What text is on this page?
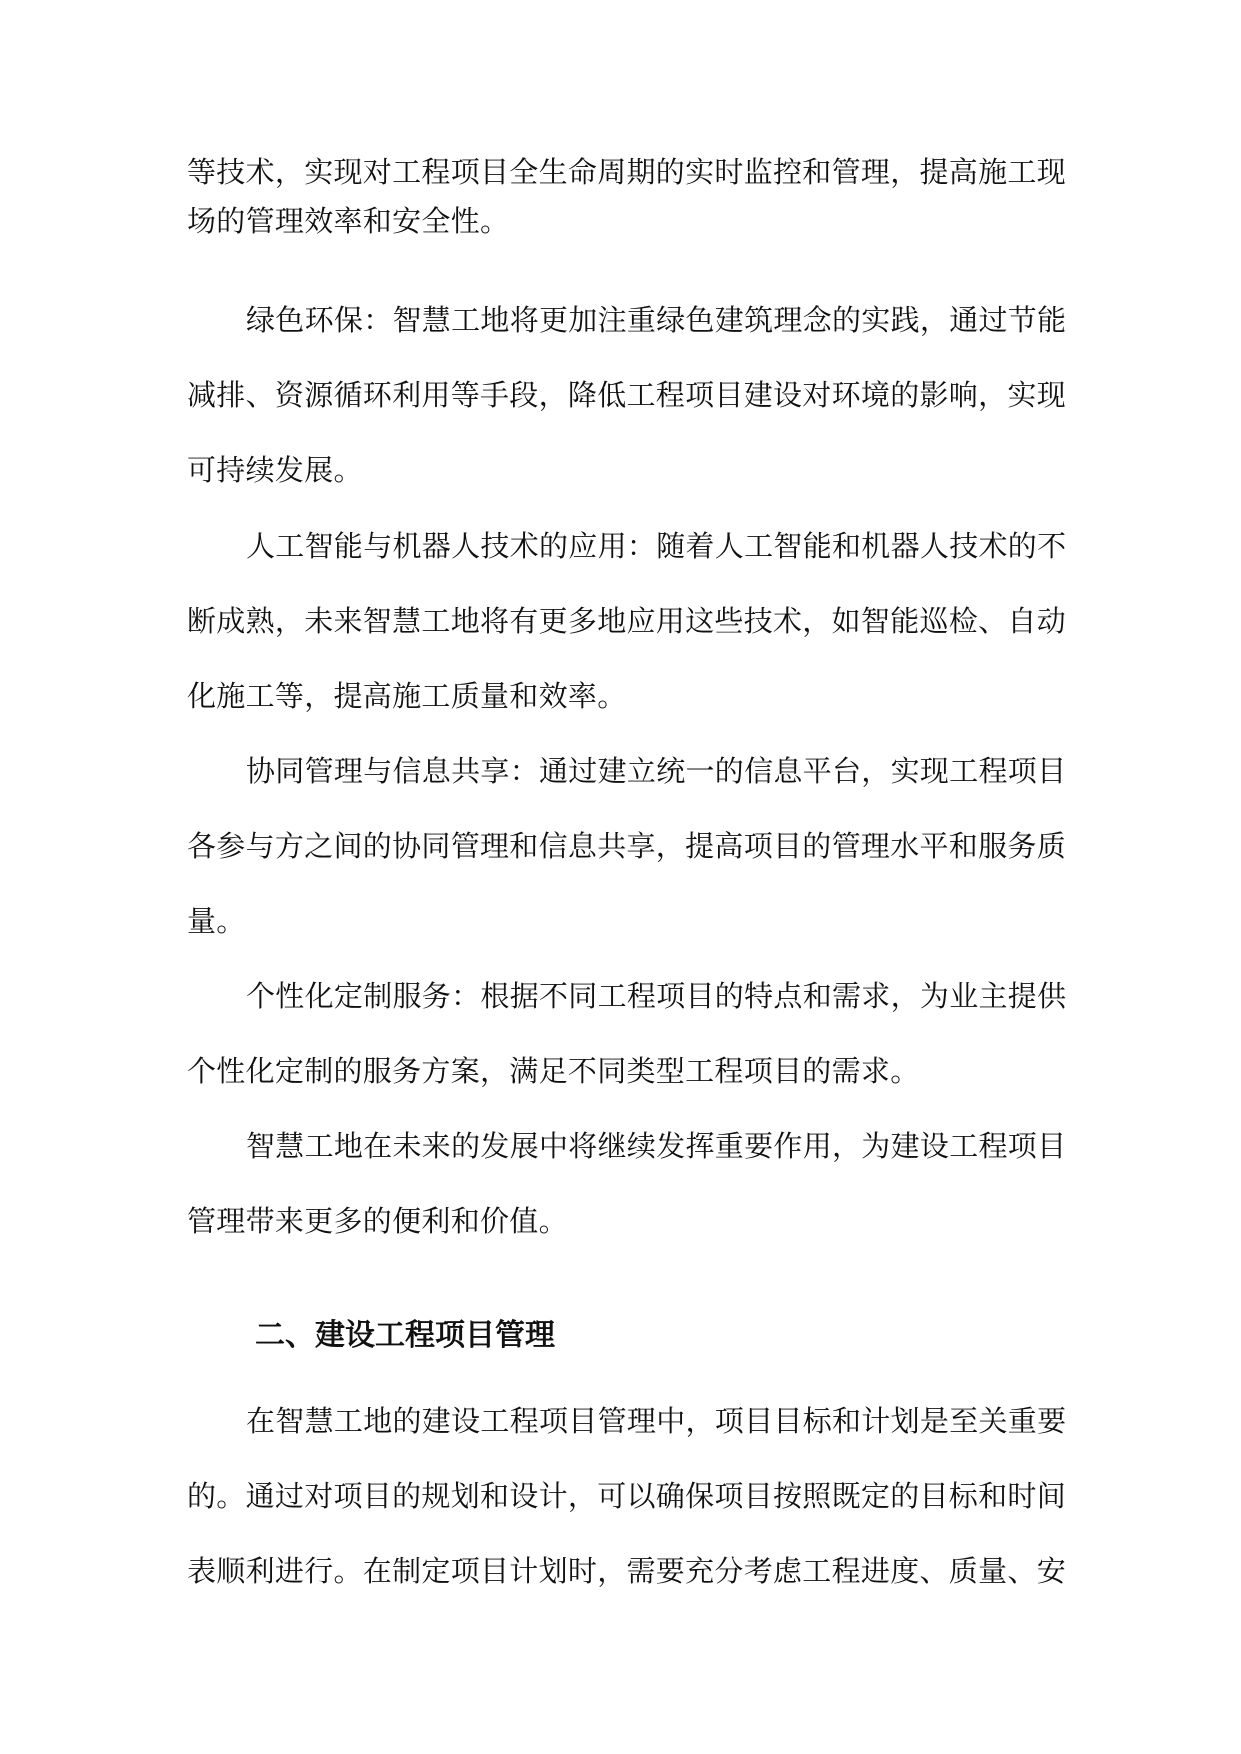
等技术，实现对工程项目全生命周期的实时监控和管理，提高施工现

场的管理效率和安全性。

绿色环保：智慧工地将更加注重绿色建筑理念的实践，通过节能

减排、资源循环利用等手段，降低工程项目建设对环境的影响，实现

可持续发展。

人工智能与机器人技术的应用：随着人工智能和机器人技术的不

断成熟，未来智慧工地将有更多地应用这些技术，如智能巡检、自动

化施工等，提高施工质量和效率。

协同管理与信息共享：通过建立统一的信息平台，实现工程项目

各参与方之间的协同管理和信息共享，提高项目的管理水平和服务质

量。

个性化定制服务：根据不同工程项目的特点和需求，为业主提供

个性化定制的服务方案，满足不同类型工程项目的需求。

智慧工地在未来的发展中将继续发挥重要作用，为建设工程项目

管理带来更多的便利和价值。

二、建设工程项目管理

在智慧工地的建设工程项目管理中，项目目标和计划是至关重要

的。通过对项目的规划和设计，可以确保项目按照既定的目标和时间

表顺利进行。在制定项目计划时，需要充分考虑工程进度、质量、安
